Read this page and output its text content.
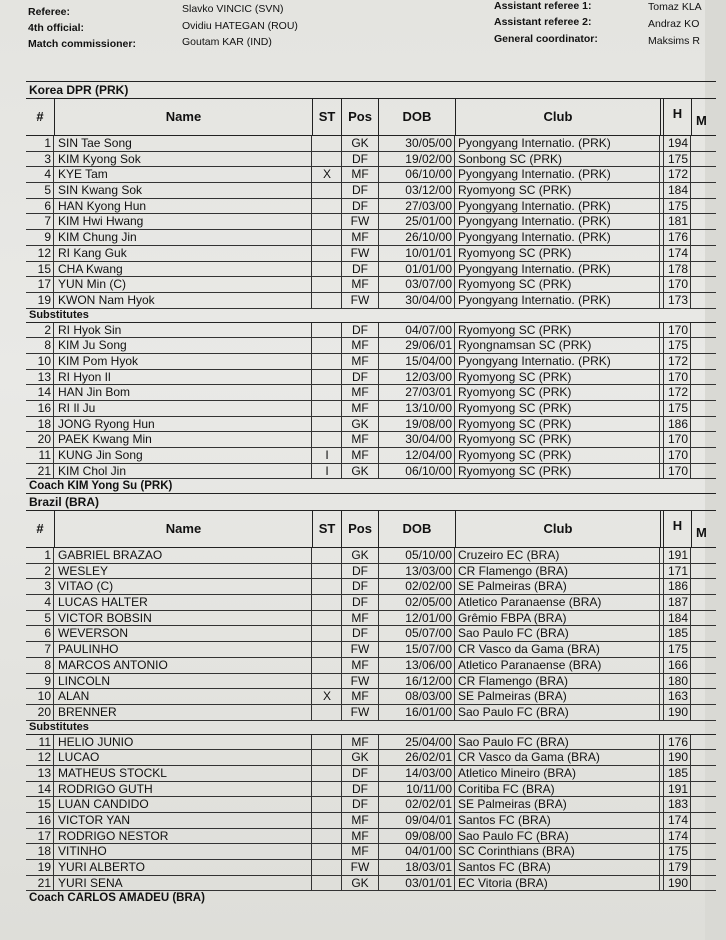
Referee:	Slavko VINCIC (SVN)
4th official:	Ovidiu HATEGAN (ROU)
Match commissioner:	Goutam KAR (IND)
Assistant referee 1:	Tomaz KLA
Assistant referee 2:	Andraz KO
General coordinator:	Maksims R
Korea DPR (PRK)
#	Name	ST Pos	DOB	Club	H	M
1 SIN Tae Song	GK	30/05/00 Pyongyang Internatio. (PRK)	194
3 KIM Kyong Sok	DF	19/02/00 Sonbong SC (PRK)	175
4 KYE Tam	X	MF	06/10/00 Pyongyang Internatio. (PRK)	172
5 SIN Kwang Sok	DF	03/12/00 Ryomyong SC (PRK)	184
6 HAN Kyong Hun	DF	27/03/00 Pyongyang Internatio. (PRK)	175
7 KIM Hwi Hwang	FW	25/01/00 Pyongyang Internatio. (PRK)	181
9 KIM Chung Jin	MF	26/10/00 Pyongyang Internatio. (PRK)	176
12 RI Kang Guk	FW	10/01/01 Ryomyong SC (PRK)	174
15 CHA Kwang	DF	01/01/00 Pyongyang Internatio. (PRK)	178
17 YUN Min (C)	MF	03/07/00 Ryomyong SC (PRK)	170
19 KWON Nam Hyok	FW	30/04/00 Pyongyang Internatio. (PRK)	173
Substitutes
2 RI Hyok Sin	DF	04/07/00 Ryomyong SC (PRK)	170
8 KIM Ju Song	MF	29/06/01 Ryongnamsan SC (PRK)	175
10 KIM Pom Hyok	MF	15/04/00 Pyongyang Internatio. (PRK)	172
13 RI Hyon Il	DF	12/03/00 Ryomyong SC (PRK)	170
14 HAN Jin Bom	MF	27/03/01 Ryomyong SC (PRK)	172
16 RI Il Ju	MF	13/10/00 Ryomyong SC (PRK)	175
18 JONG Ryong Hun	GK	19/08/00 Ryomyong SC (PRK)	186
20 PAEK Kwang Min	MF	30/04/00 Ryomyong SC (PRK)	170
11 KUNG Jin Song	I	MF	12/04/00 Ryomyong SC (PRK)	170
21 KIM Chol Jin	I	GK	06/10/00 Ryomyong SC (PRK)	170
Coach KIM Yong Su (PRK)
Brazil (BRA)
#	Name	ST Pos	DOB	Club	H	M
1 GABRIEL BRAZAO	GK	05/10/00 Cruzeiro EC (BRA)	191
2 WESLEY	DF	13/03/00 CR Flamengo (BRA)	171
3 VITAO (C)	DF	02/02/00 SE Palmeiras (BRA)	186
4 LUCAS HALTER	DF	02/05/00 Atletico Paranaense (BRA)	187
5 VICTOR BOBSIN	MF	12/01/00 Grêmio FBPA (BRA)	184
6 WEVERSON	DF	05/07/00 Sao Paulo FC (BRA)	185
7 PAULINHO	FW	15/07/00 CR Vasco da Gama (BRA)	175
8 MARCOS ANTONIO	MF	13/06/00 Atletico Paranaense (BRA)	166
9 LINCOLN	FW	16/12/00 CR Flamengo (BRA)	180
10 ALAN	X	MF	08/03/00 SE Palmeiras (BRA)	163
20 BRENNER	FW	16/01/00 Sao Paulo FC (BRA)	190
Substitutes
11 HELIO JUNIO	MF	25/04/00 Sao Paulo FC (BRA)	176
12 LUCAO	GK	26/02/01 CR Vasco da Gama (BRA)	190
13 MATHEUS STOCKL	DF	14/03/00 Atletico Mineiro (BRA)	185
14 RODRIGO GUTH	DF	10/11/00 Coritiba FC (BRA)	191
15 LUAN CANDIDO	DF	02/02/01 SE Palmeiras (BRA)	183
16 VICTOR YAN	MF	09/04/01 Santos FC (BRA)	174
17 RODRIGO NESTOR	MF	09/08/00 Sao Paulo FC (BRA)	174
18 VITINHO	MF	04/01/00 SC Corinthians (BRA)	175
19 YURI ALBERTO	FW	18/03/01 Santos FC (BRA)	179
21 YURI SENA	GK	03/01/01 EC Vitoria (BRA)	190
Coach CARLOS AMADEU (BRA)
